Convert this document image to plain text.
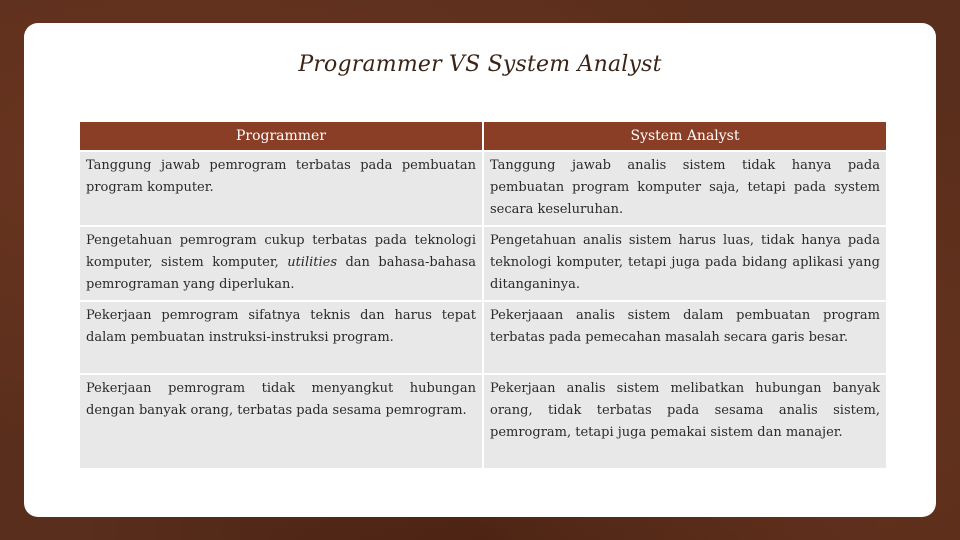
Programmer VS System Analyst
Programmer	System Analyst
Tanggung jawab pemrogram terbatas pada pembuatan program komputer.	Tanggung jawab analis sistem tidak hanya pada pembuatan program komputer saja, tetapi pada system secara keseluruhan.
Pengetahuan pemrogram cukup terbatas pada teknologi komputer, sistem komputer, utilities dan bahasa-bahasa pemrograman yang diperlukan.	Pengetahuan analis sistem harus luas, tidak hanya pada teknologi komputer, tetapi juga pada bidang aplikasi yang ditanganinya.
Pekerjaan pemrogram sifatnya teknis dan harus tepat dalam pembuatan instruksi-instruksi program.	Pekerjaaan analis sistem dalam pembuatan program terbatas pada pemecahan masalah secara garis besar.
Pekerjaan pemrogram tidak menyangkut hubungan dengan banyak orang, terbatas pada sesama pemrogram.	Pekerjaan analis sistem melibatkan hubungan banyak orang, tidak terbatas pada sesama analis sistem, pemrogram, tetapi juga pemakai sistem dan manajer.
